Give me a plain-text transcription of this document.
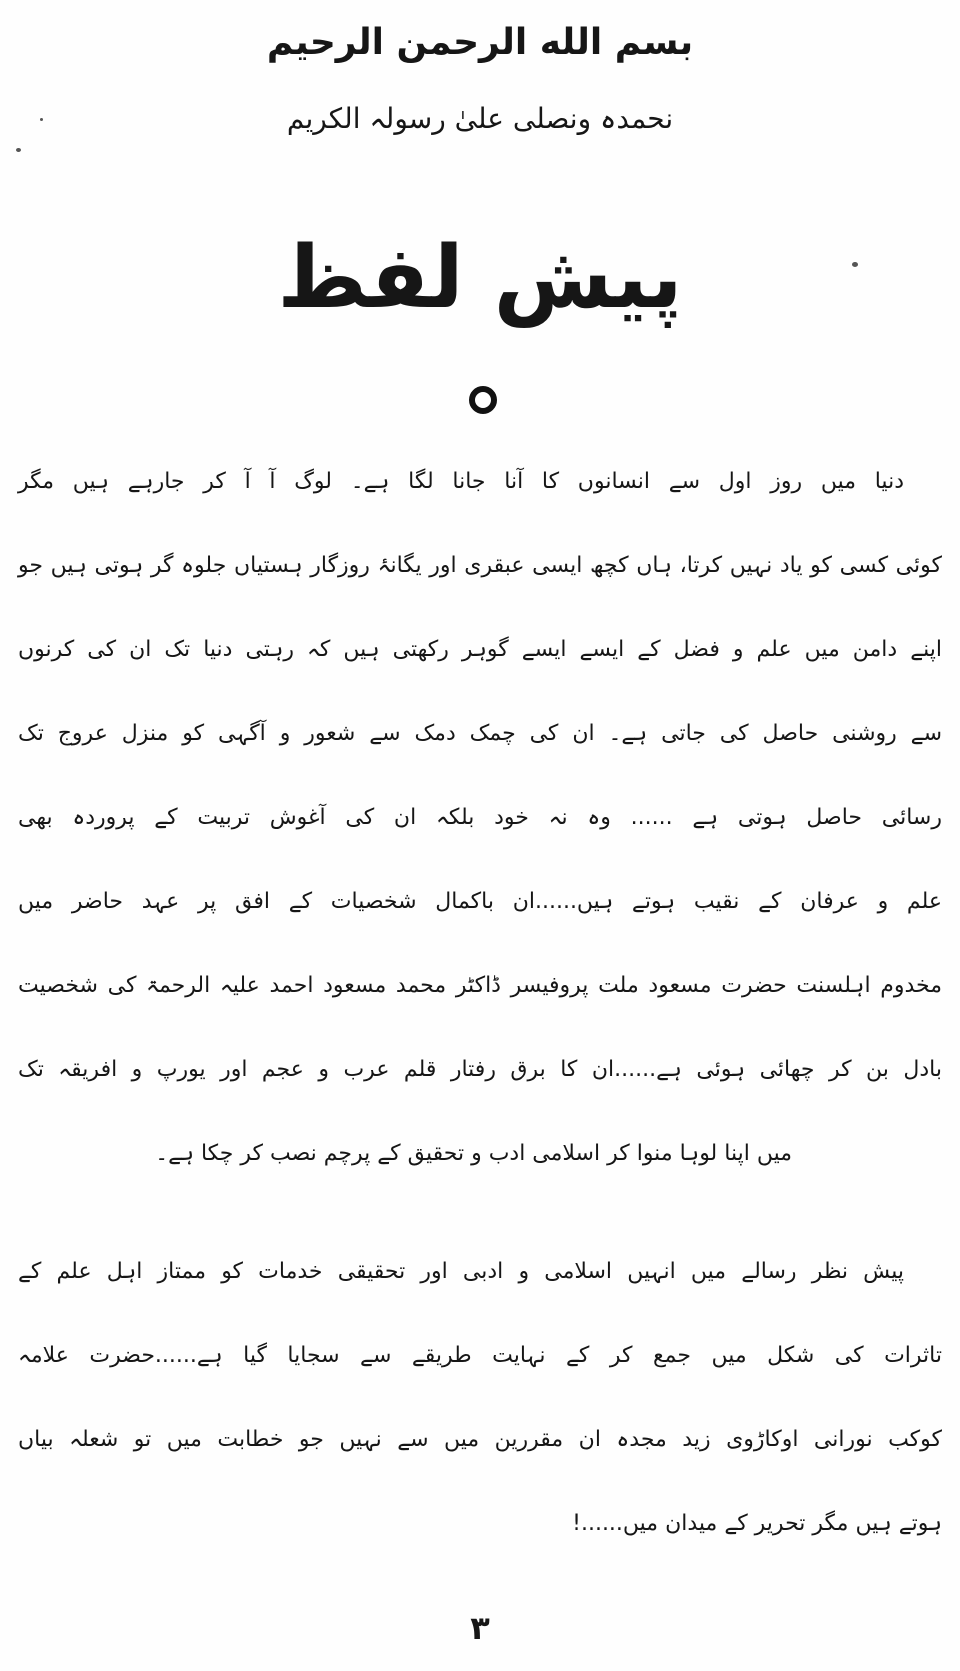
بسم الله الرحمن الرحيم
نحمدہ ونصلی علیٰ رسولہ الکریم
پیش لفظ
دنیا میں روز اول سے انسانوں کا آنا جانا لگا ہے۔ لوگ آ آ کر جارہے ہیں مگر
کوئی کسی کو یاد نہیں کرتا، ہاں کچھ ایسی عبقری اور یگانۂ روزگار ہستیاں جلوہ گر ہوتی ہیں جو
اپنے دامن میں علم و فضل کے ایسے ایسے گوہر رکھتی ہیں کہ رہتی دنیا تک ان کی کرنوں
سے روشنی حاصل کی جاتی ہے۔ ان کی چمک دمک سے شعور و آگہی کو منزل عروج تک
رسائی حاصل ہوتی ہے ...... وہ نہ خود بلکہ ان کی آغوش تربیت کے پروردہ بھی
علم و عرفان کے نقیب ہوتے ہیں......ان باکمال شخصیات کے افق پر عہد حاضر میں
مخدوم اہلسنت حضرت مسعود ملت پروفیسر ڈاکٹر محمد مسعود احمد علیہ الرحمۃ کی شخصیت
بادل بن کر چھائی ہوئی ہے......ان کا برق رفتار قلم عرب و عجم اور یورپ و افریقہ تک
میں اپنا لوہا منوا کر اسلامی ادب و تحقیق کے پرچم نصب کر چکا ہے۔
پیش نظر رسالے میں انہیں اسلامی و ادبی اور تحقیقی خدمات کو ممتاز اہل علم کے
تاثرات کی شکل میں جمع کر کے نہایت طریقے سے سجایا گیا ہے......حضرت علامہ
کوکب نورانی اوکاڑوی زید مجدہ ان مقررین میں سے نہیں جو خطابت میں تو شعلہ بیاں
ہوتے ہیں مگر تحریر کے میدان میں......!
۳
